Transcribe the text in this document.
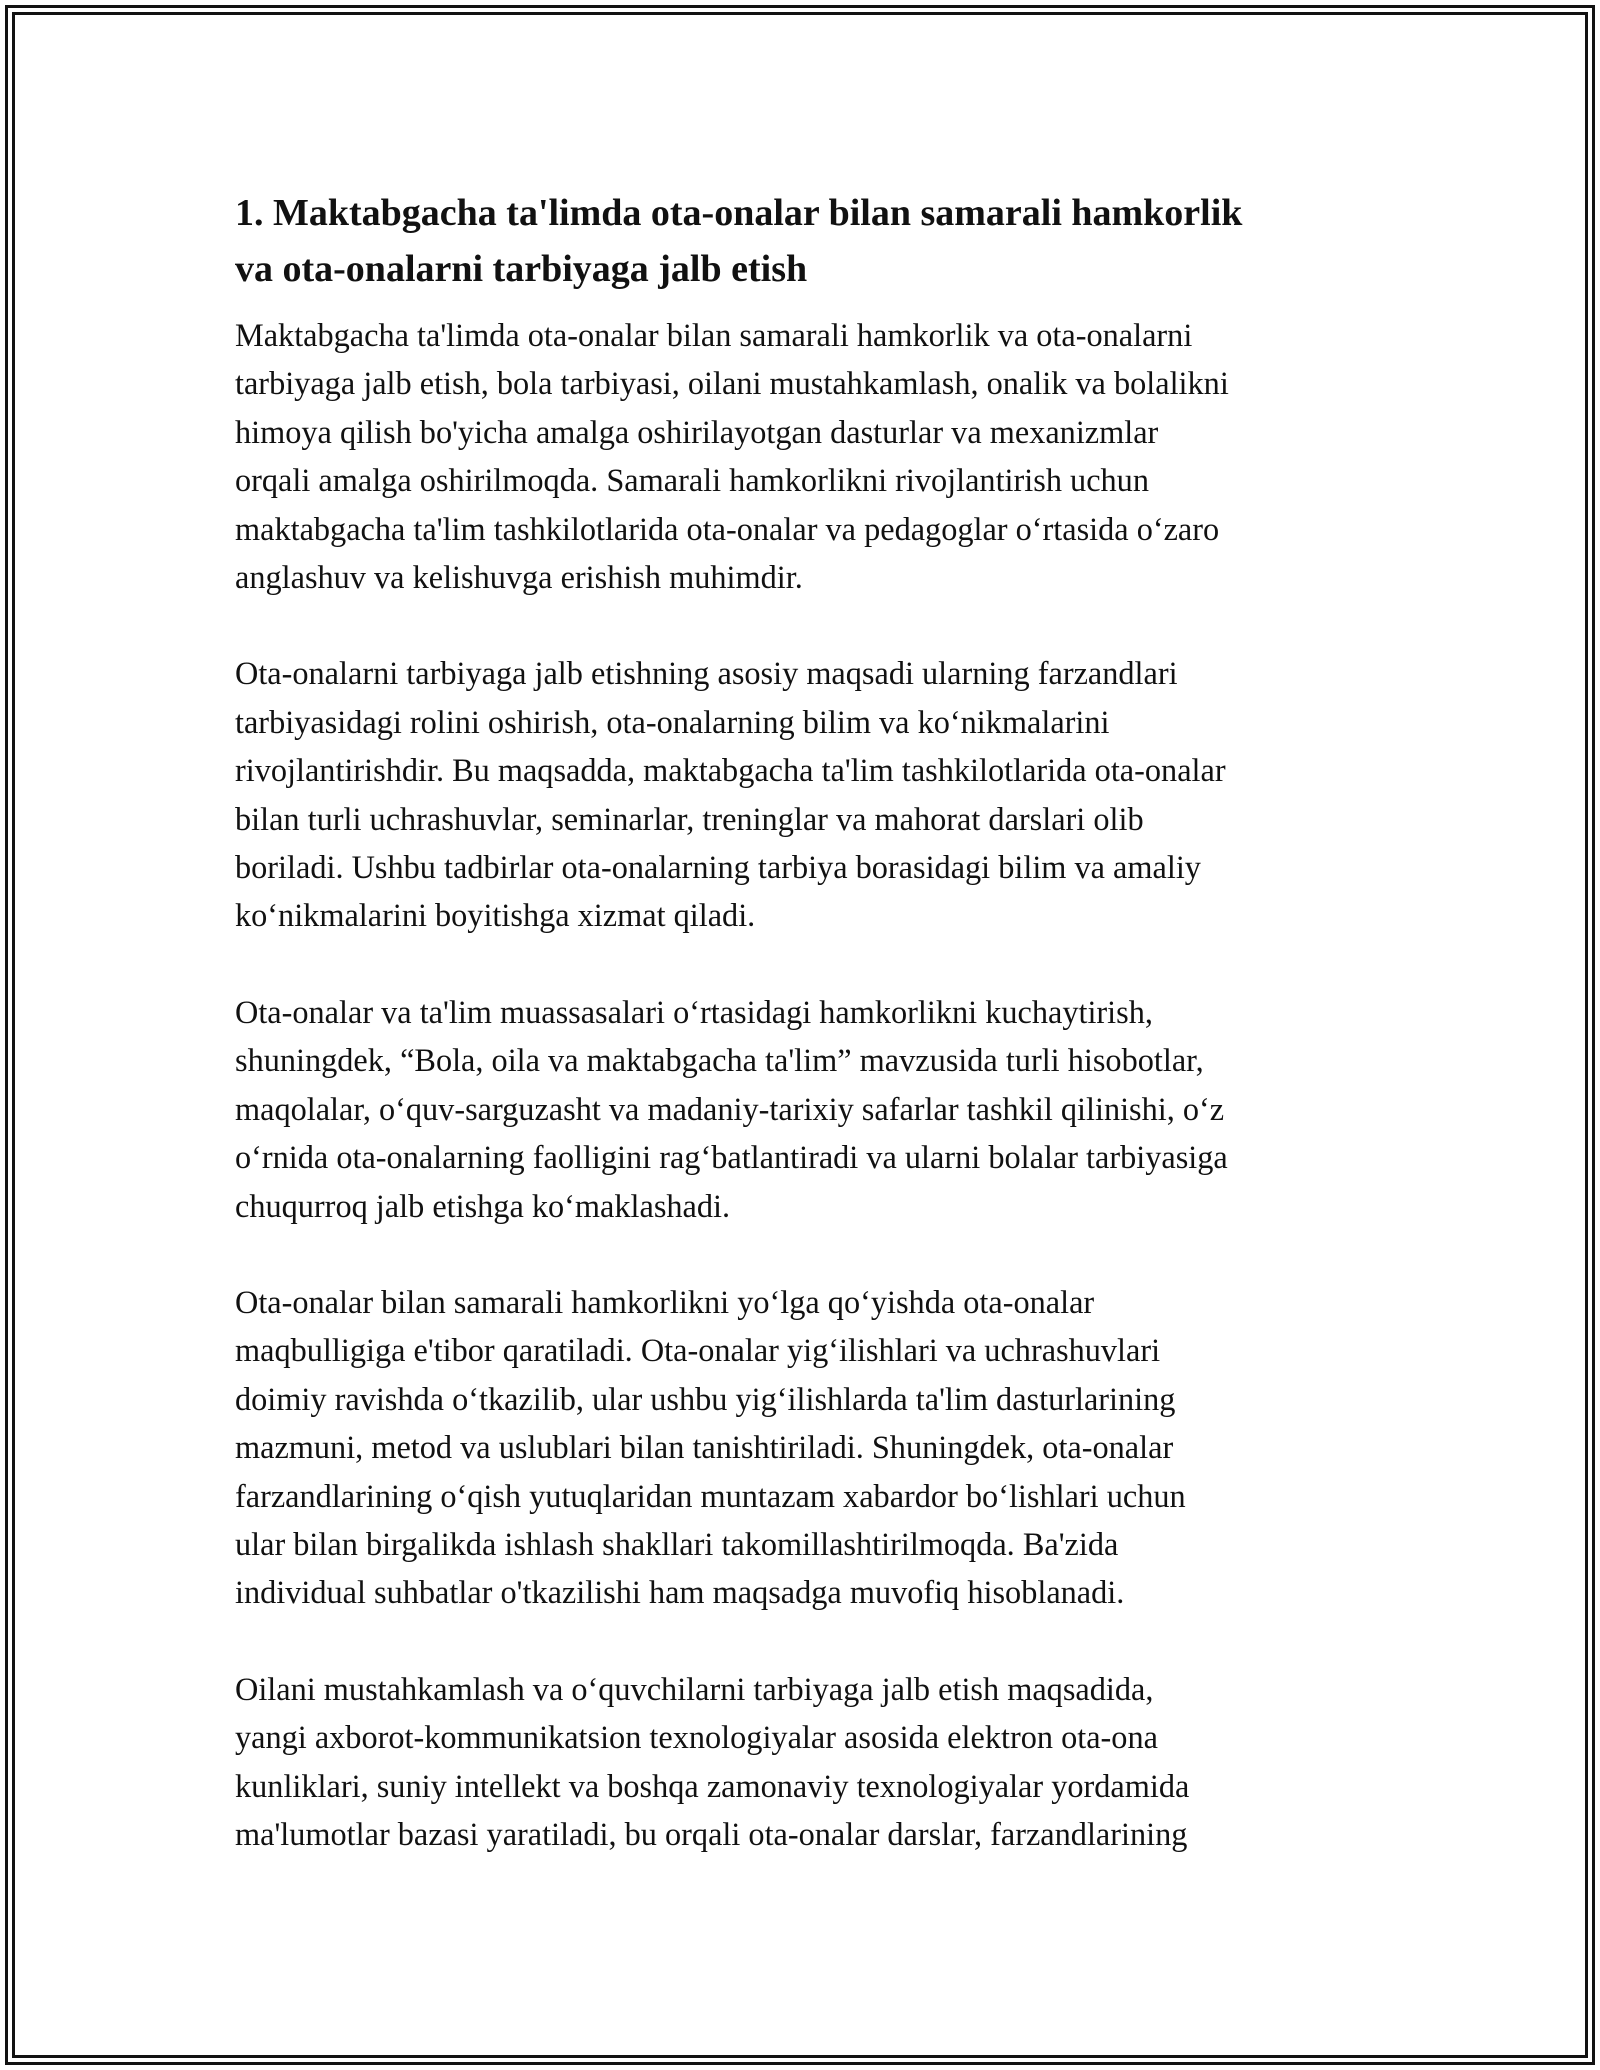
1. Maktabgacha ta'limda ota-onalar bilan samarali hamkorlik
va ota-onalarni tarbiyaga jalb etish

Maktabgacha ta'limda ota-onalar bilan samarali hamkorlik va ota-onalarni
tarbiyaga jalb etish, bola tarbiyasi, oilani mustahkamlash, onalik va bolalikni
himoya qilish bo'yicha amalga oshirilayotgan dasturlar va mexanizmlar
orqali amalga oshirilmoqda. Samarali hamkorlikni rivojlantirish uchun
maktabgacha ta'lim tashkilotlarida ota-onalar va pedagoglar oʻrtasida oʻzaro
anglashuv va kelishuvga erishish muhimdir.

Ota-onalarni tarbiyaga jalb etishning asosiy maqsadi ularning farzandlari
tarbiyasidagi rolini oshirish, ota-onalarning bilim va koʻnikmalarini
rivojlantirishdir. Bu maqsadda, maktabgacha ta'lim tashkilotlarida ota-onalar
bilan turli uchrashuvlar, seminarlar, treninglar va mahorat darslari olib
boriladi. Ushbu tadbirlar ota-onalarning tarbiya borasidagi bilim va amaliy
koʻnikmalarini boyitishga xizmat qiladi.

Ota-onalar va ta'lim muassasalari oʻrtasidagi hamkorlikni kuchaytirish,
shuningdek, “Bola, oila va maktabgacha ta'lim” mavzusida turli hisobotlar,
maqolalar, oʻquv-sarguzasht va madaniy-tarixiy safarlar tashkil qilinishi, oʻz
oʻrnida ota-onalarning faolligini ragʻbatlantiradi va ularni bolalar tarbiyasiga
chuqurroq jalb etishga koʻmaklashadi.

Ota-onalar bilan samarali hamkorlikni yoʻlga qoʻyishda ota-onalar
maqbulligiga e'tibor qaratiladi. Ota-onalar yigʻilishlari va uchrashuvlari
doimiy ravishda oʻtkazilib, ular ushbu yigʻilishlarda ta'lim dasturlarining
mazmuni, metod va uslublari bilan tanishtiriladi. Shuningdek, ota-onalar
farzandlarining oʻqish yutuqlaridan muntazam xabardor boʻlishlari uchun
ular bilan birgalikda ishlash shakllari takomillashtirilmoqda. Ba'zida
individual suhbatlar o'tkazilishi ham maqsadga muvofiq hisoblanadi.

Oilani mustahkamlash va oʻquvchilarni tarbiyaga jalb etish maqsadida,
yangi axborot-kommunikatsion texnologiyalar asosida elektron ota-ona
kunliklari, suniy intellekt va boshqa zamonaviy texnologiyalar yordamida
ma'lumotlar bazasi yaratiladi, bu orqali ota-onalar darslar, farzandlarining
